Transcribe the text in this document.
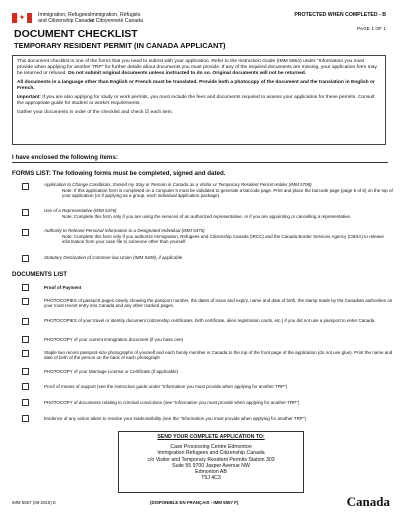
✦	Immigration, Refugees
and Citizenship Canada
Immigration, Réfugiés
et Citoyenneté Canada
PROTECTED WHEN COMPLETED - B
PAGE 1 OF 1
DOCUMENT CHECKLIST
TEMPORARY RESIDENT PERMIT (IN CANADA APPLICANT)

This document checklist is one of the forms that you need to submit with your application. Refer to the Instruction Guide (IMM 5554) under "Information you must provide when applying for another TRP" for further details about documents you must provide. If any of the required documents are missing, your application form may be returned or refused. Do not submit original documents unless instructed to do so. Original documents will not be returned.

All documents in a language other than English or French must be translated. Provide both a photocopy of the document and the translation in English or French.

Important: If you are also applying for study or work permits, you must include the fees and documents required to assess your application for these permits. Consult the appropriate guide for student or worker requirements.

Gather your documents in order of the checklist and check ☑ each item.

I have enclosed the following items:
FORMS LIST: The following forms must be completed, signed and dated.
Application to Change Conditions, Extend my Stay or Remain in Canada as a Visitor or Temporary Resident Permit Holder (IMM 5708)
Note: If this application form is completed on a computer it must be validated to generate a barcode page. Print and place the barcode page (page 5 of 5) on the top of your application (or if applying as a group, each individual application package).
Use of a Representative (IMM 5476)
Note: Complete this form only if you are using the services of an authorized representative, or if you are appointing or cancelling a representative.
Authority to Release Personal Information to a Designated Individual (IMM 5475)
Note: Complete this form only if you authorize Immigration, Refugees and Citizenship Canada (IRCC) and the Canada Border Services Agency (CBSA) to release information from your case file to someone other than yourself.
Statutory Declaration of Common-law Union (IMM 5409), if applicable
DOCUMENTS LIST
Proof of Payment
PHOTOCOPIES of passport pages clearly showing the passport number, the dates of issue and expiry, name and date of birth, the stamp made by the Canadian authorities on your most recent entry into Canada and any other marked pages.
PHOTOCOPIES of your travel or identity document (citizenship certificates, birth certificate, alien registration cards, etc.) if you did not use a passport to enter Canada
PHOTOCOPY of your current immigration document (if you have one)
Staple two recent passport-size photographs of yourself and each family member in Canada to the top of the front page of the application (do not use glue). Print the name and date of birth of the person on the back of each photograph
PHOTOCOPY of your Marriage License or Certificate (if applicable)
Proof of means of support (see the instruction guide under "Information you must provide when applying for another TRP")
PHOTOCOPY of documents relating to criminal convictions (see "Information you must provide when applying for another TRP")
Evidence of any action taken to resolve your inadmissibility (see the "Information you must provide when applying for another TRP")
SEND YOUR COMPLETE APPLICATION TO:
Case Processing Centre Edmonton
Immigration Refugees and Citizenship Canada
c/o Visitor and Temporary Resident Permits Station 303
Suite 55 9700 Jasper Avenue NW
Edmonton AB
T5J 4C3
IMM 5557 (08-2018) E	(DISPONIBLE EN FRANÇAIS - IMM 5557 F)	Canada
